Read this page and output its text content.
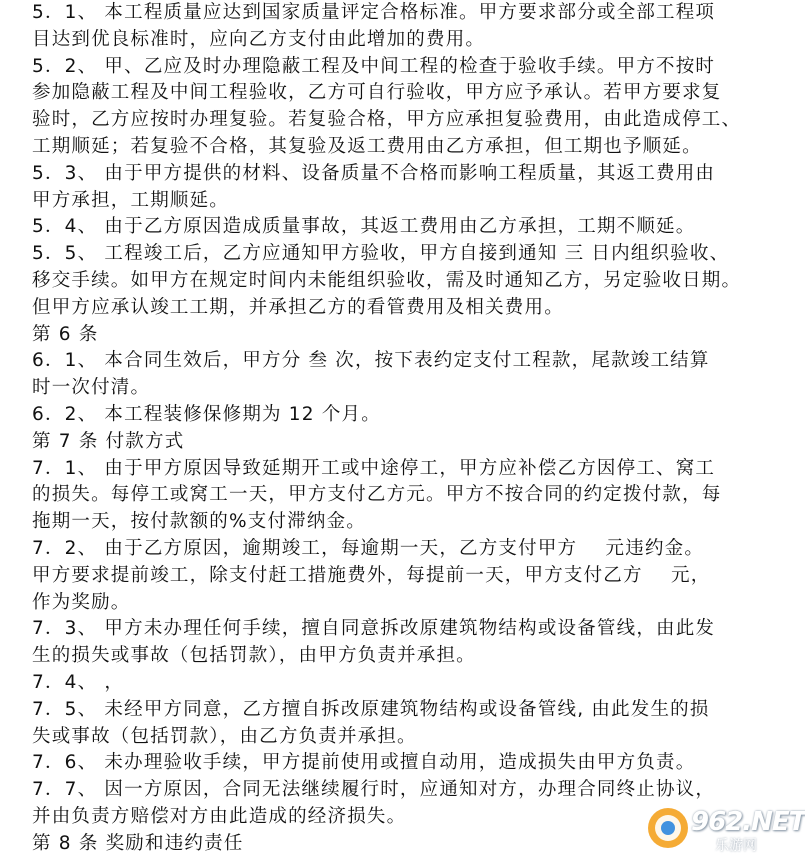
5．1、 本工程质量应达到国家质量评定合格标准。甲方要求部分或全部工程项
目达到优良标准时，应向乙方支付由此增加的费用。
5．2、 甲、乙应及时办理隐蔽工程及中间工程的检查于验收手续。甲方不按时
参加隐蔽工程及中间工程验收，乙方可自行验收，甲方应予承认。若甲方要求复
验时，乙方应按时办理复验。若复验合格，甲方应承担复验费用，由此造成停工、
工期顺延；若复验不合格，其复验及返工费用由乙方承担，但工期也予顺延。
5．3、 由于甲方提供的材料、设备质量不合格而影响工程质量，其返工费用由
甲方承担，工期顺延。
5．4、 由于乙方原因造成质量事故，其返工费用由乙方承担，工期不顺延。
5．5、 工程竣工后，乙方应通知甲方验收，甲方自接到通知 三 日内组织验收、
移交手续。如甲方在规定时间内未能组织验收，需及时通知乙方，另定验收日期。
但甲方应承认竣工工期，并承担乙方的看管费用及相关费用。
第 6 条
6．1、 本合同生效后，甲方分 叁 次，按下表约定支付工程款，尾款竣工结算
时一次付清。
6．2、 本工程装修保修期为 12 个月。
第 7 条 付款方式
7．1、 由于甲方原因导致延期开工或中途停工，甲方应补偿乙方因停工、窝工
的损失。每停工或窝工一天，甲方支付乙方元。甲方不按合同的约定拨付款，每
拖期一天，按付款额的%支付滞纳金。
7．2、 由于乙方原因，逾期竣工，每逾期一天，乙方支付甲方    元违约金。
甲方要求提前竣工，除支付赶工措施费外，每提前一天，甲方支付乙方    元，
作为奖励。
7．3、 甲方未办理任何手续，擅自同意拆改原建筑物结构或设备管线，由此发
生的损失或事故（包括罚款），由甲方负责并承担。
7．4、 ，
7．5、 未经甲方同意，乙方擅自拆改原建筑物结构或设备管线, 由此发生的损
失或事故（包括罚款），由乙方负责并承担。
7．6、 未办理验收手续，甲方提前使用或擅自动用，造成损失由甲方负责。
7．7、 因一方原因，合同无法继续履行时，应通知对方，办理合同终止协议，
并由负责方赔偿对方由此造成的经济损失。
第 8 条 奖励和违约责任
962.NET
乐游网
